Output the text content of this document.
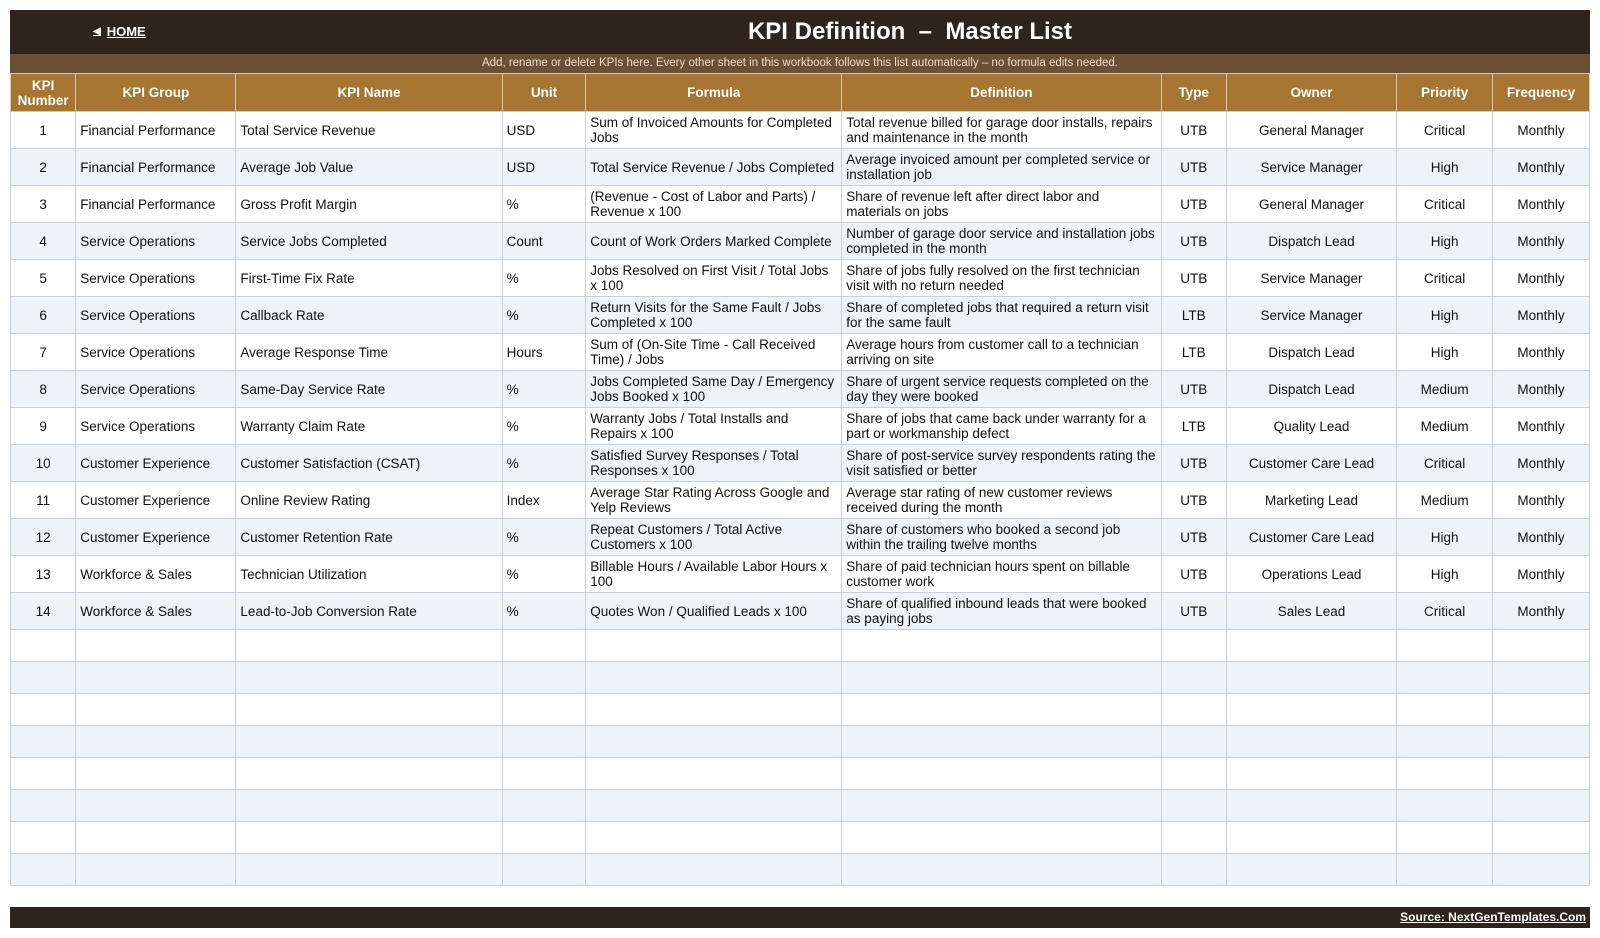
◀ HOME	KPI Definition  –  Master List
Add, rename or delete KPIs here. Every other sheet in this workbook follows this list automatically – no formula edits needed.
KPI Number	KPI Group	KPI Name	Unit	Formula	Definition	Type	Owner	Priority	Frequency
1	Financial Performance	Total Service Revenue	USD	Sum of Invoiced Amounts for Completed Jobs	Total revenue billed for garage door installs, repairs and maintenance in the month	UTB	General Manager	Critical	Monthly
2	Financial Performance	Average Job Value	USD	Total Service Revenue / Jobs Completed	Average invoiced amount per completed service or installation job	UTB	Service Manager	High	Monthly
3	Financial Performance	Gross Profit Margin	%	(Revenue - Cost of Labor and Parts) / Revenue x 100	Share of revenue left after direct labor and materials on jobs	UTB	General Manager	Critical	Monthly
4	Service Operations	Service Jobs Completed	Count	Count of Work Orders Marked Complete	Number of garage door service and installation jobs completed in the month	UTB	Dispatch Lead	High	Monthly
5	Service Operations	First-Time Fix Rate	%	Jobs Resolved on First Visit / Total Jobs x 100	Share of jobs fully resolved on the first technician visit with no return needed	UTB	Service Manager	Critical	Monthly
6	Service Operations	Callback Rate	%	Return Visits for the Same Fault / Jobs Completed x 100	Share of completed jobs that required a return visit for the same fault	LTB	Service Manager	High	Monthly
7	Service Operations	Average Response Time	Hours	Sum of (On-Site Time - Call Received Time) / Jobs	Average hours from customer call to a technician arriving on site	LTB	Dispatch Lead	High	Monthly
8	Service Operations	Same-Day Service Rate	%	Jobs Completed Same Day / Emergency Jobs Booked x 100	Share of urgent service requests completed on the day they were booked	UTB	Dispatch Lead	Medium	Monthly
9	Service Operations	Warranty Claim Rate	%	Warranty Jobs / Total Installs and Repairs x 100	Share of jobs that came back under warranty for a part or workmanship defect	LTB	Quality Lead	Medium	Monthly
10	Customer Experience	Customer Satisfaction (CSAT)	%	Satisfied Survey Responses / Total Responses x 100	Share of post-service survey respondents rating the visit satisfied or better	UTB	Customer Care Lead	Critical	Monthly
11	Customer Experience	Online Review Rating	Index	Average Star Rating Across Google and Yelp Reviews	Average star rating of new customer reviews received during the month	UTB	Marketing Lead	Medium	Monthly
12	Customer Experience	Customer Retention Rate	%	Repeat Customers / Total Active Customers x 100	Share of customers who booked a second job within the trailing twelve months	UTB	Customer Care Lead	High	Monthly
13	Workforce & Sales	Technician Utilization	%	Billable Hours / Available Labor Hours x 100	Share of paid technician hours spent on billable customer work	UTB	Operations Lead	High	Monthly
14	Workforce & Sales	Lead-to-Job Conversion Rate	%	Quotes Won / Qualified Leads x 100	Share of qualified inbound leads that were booked as paying jobs	UTB	Sales Lead	Critical	Monthly

Source: NextGenTemplates.Com
